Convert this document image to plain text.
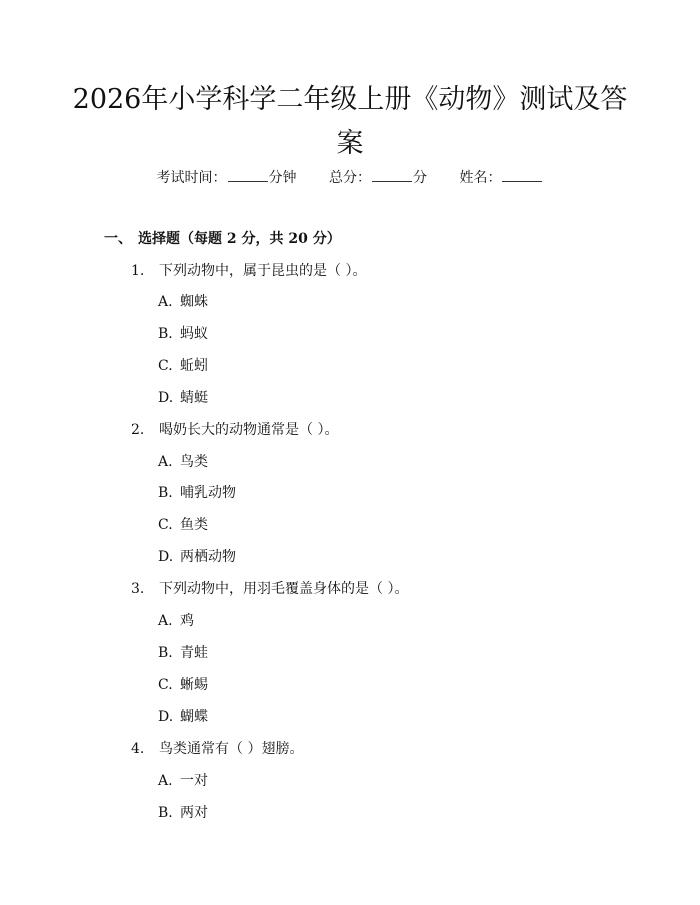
2026年小学科学二年级上册《动物》测试及答案
考试时间：	分钟 总分：	分 姓名：
一、 选择题（每题 2 分，共 20 分）
1. 下列动物中，属于昆虫的是（ ）。
A. 蜘蛛
B. 蚂蚁
C. 蚯蚓
D. 蜻蜓
2. 喝奶长大的动物通常是（ ）。
A. 鸟类
B. 哺乳动物
C. 鱼类
D. 两栖动物
3. 下列动物中，用羽毛覆盖身体的是（ ）。
A. 鸡
B. 青蛙
C. 蜥蜴
D. 蝴蝶
4. 鸟类通常有（ ）翅膀。
A. 一对
B. 两对
